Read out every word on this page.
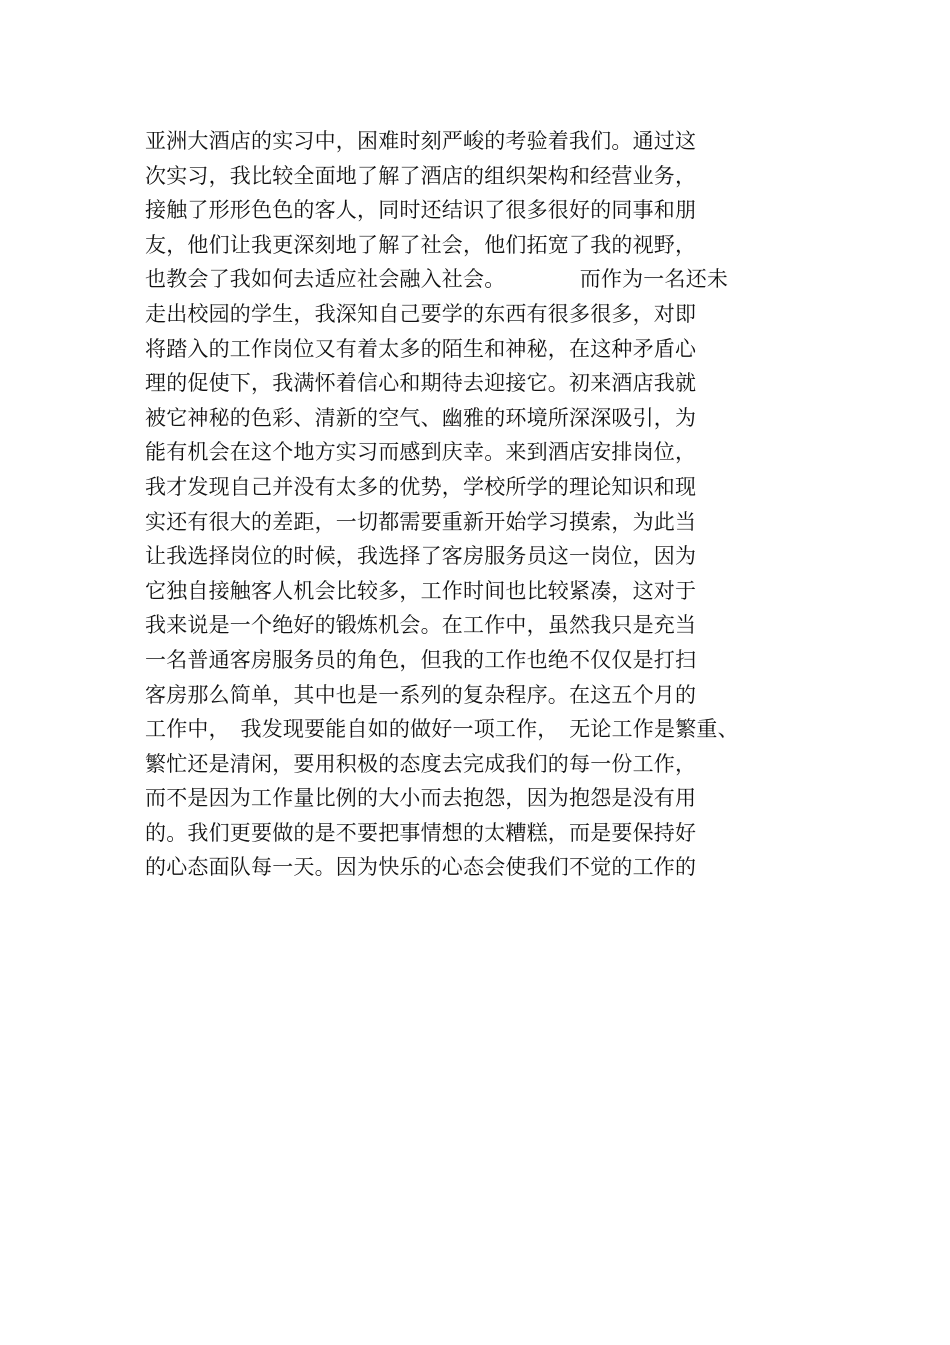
亚洲大酒店的实习中，困难时刻严峻的考验着我们。通过这
次实习，我比较全面地了解了酒店的组织架构和经营业务，
接触了形形色色的客人，同时还结识了很多很好的同事和朋
友，他们让我更深刻地了解了社会，他们拓宽了我的视野，
也教会了我如何去适应社会融入社会。　　　　而作为一名还未
走出校园的学生，我深知自己要学的东西有很多很多，对即
将踏入的工作岗位又有着太多的陌生和神秘，在这种矛盾心
理的促使下，我满怀着信心和期待去迎接它。初来酒店我就
被它神秘的色彩、清新的空气、幽雅的环境所深深吸引，为
能有机会在这个地方实习而感到庆幸。来到酒店安排岗位，
我才发现自己并没有太多的优势，学校所学的理论知识和现
实还有很大的差距，一切都需要重新开始学习摸索，为此当
让我选择岗位的时候，我选择了客房服务员这一岗位，因为
它独自接触客人机会比较多，工作时间也比较紧凑，这对于
我来说是一个绝好的锻炼机会。在工作中，虽然我只是充当
一名普通客房服务员的角色，但我的工作也绝不仅仅是打扫
客房那么简单，其中也是一系列的复杂程序。在这五个月的
工作中，　我发现要能自如的做好一项工作，　无论工作是繁重、
繁忙还是清闲，要用积极的态度去完成我们的每一份工作，
而不是因为工作量比例的大小而去抱怨，因为抱怨是没有用
的。我们更要做的是不要把事情想的太糟糕，而是要保持好
的心态面队每一天。因为快乐的心态会使我们不觉的工作的
